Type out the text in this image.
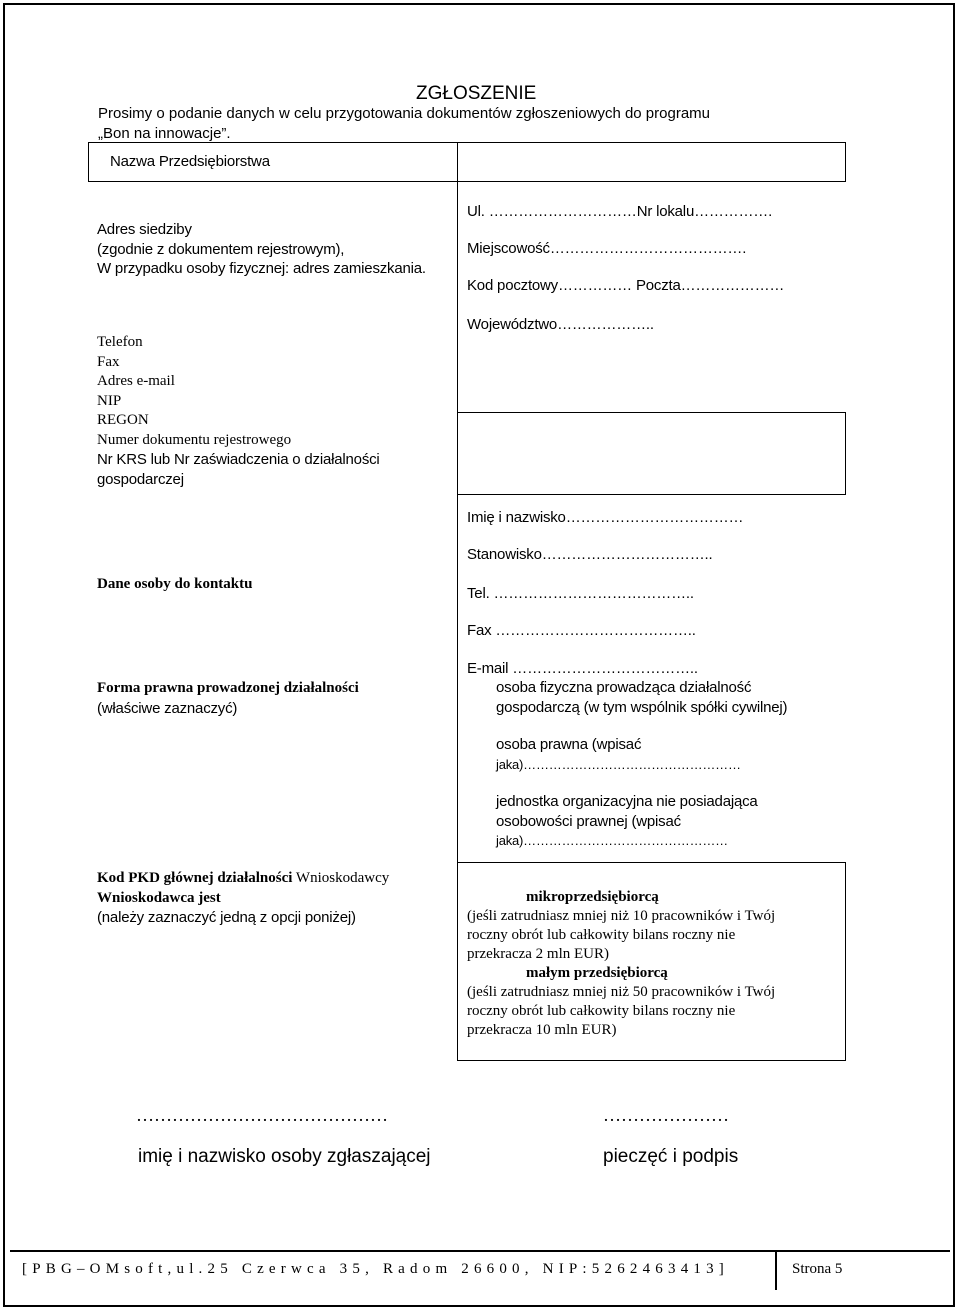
ZGŁOSZENIE
Prosimy o podanie danych w celu przygotowania dokumentów zgłoszeniowych do programu
„Bon na innowacje”.
Nazwa Przedsiębiorstwa
Adres siedziby
(zgodnie z dokumentem rejestrowym),
W przypadku osoby fizycznej: adres zamieszkania.
Telefon
Fax
Adres e-mail
NIP
REGON
Numer dokumentu rejestrowego
Nr KRS lub Nr zaświadczenia o działalności
gospodarczej
Dane osoby do kontaktu
Forma prawna prowadzonej działalności
(właściwe zaznaczyć)
Kod PKD głównej działalności Wnioskodawcy
Wnioskodawca jest
(należy zaznaczyć jedną z opcji poniżej)
Ul. …………………………Nr lokalu…………….
Miejscowość………………………………….
Kod pocztowy…………… Poczta…………………
Województwo………………..
Imię i nazwisko………………………………
Stanowisko……………………………..
Tel. …………………………………..
Fax …………………………………..
E-mail ………………………………..
osoba fizyczna prowadząca działalność
gospodarczą (w tym wspólnik spółki cywilnej)
osoba prawna (wpisać
jaka)……………………………………………
jednostka organizacyjna nie posiadająca
osobowości prawnej (wpisać
jaka)…………………………………………
mikroprzedsiębiorcą
(jeśli zatrudniasz mniej niż 10 pracowników i Twój
roczny obrót lub całkowity bilans roczny nie
przekracza 2 mln EUR)
małym przedsiębiorcą
(jeśli zatrudniasz mniej niż 50 pracowników i Twój
roczny obrót lub całkowity bilans roczny nie
przekracza 10 mln EUR)
……………………………………
imię i nazwisko osoby zgłaszającej
…………………
pieczęć i podpis
[PBG–OMsoft,ul.25 Czerwca 35, Radom 26600, NIP:5262463413]	Strona 5
